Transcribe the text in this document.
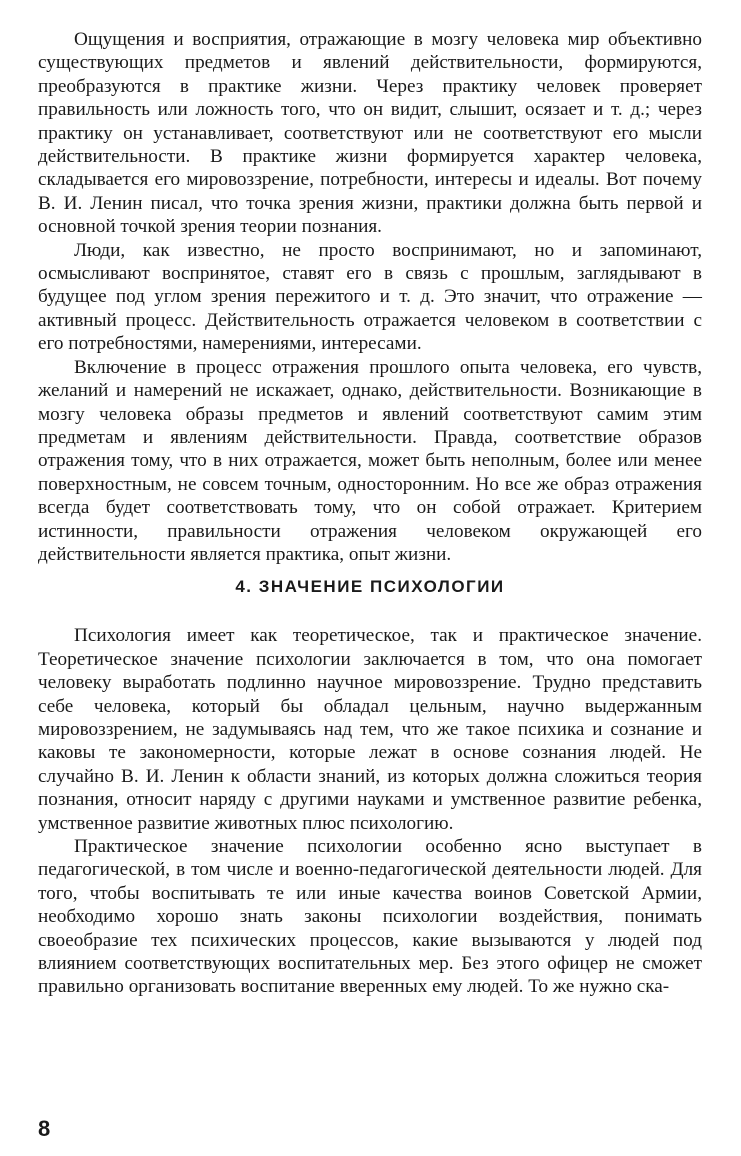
Ощущения и восприятия, отражающие в мозгу человека мир объективно существующих предметов и явлений действительности, формируются, преобразуются в практике жизни. Через практику человек проверяет правильность или ложность того, что он видит, слышит, осязает и т. д.; через практику он устанавливает, соответствуют или не соответствуют его мысли действительности. В практике жизни формируется характер человека, складывается его мировоззрение, потребности, интересы и идеалы. Вот почему В. И. Ленин писал, что точка зрения жизни, практики должна быть первой и основной точкой зрения теории познания.

Люди, как известно, не просто воспринимают, но и запоминают, осмысливают воспринятое, ставят его в связь с прошлым, заглядывают в будущее под углом зрения пережитого и т. д. Это значит, что отражение — активный процесс. Действительность отражается человеком в соответствии с его потребностями, намерениями, интересами.

Включение в процесс отражения прошлого опыта человека, его чувств, желаний и намерений не искажает, однако, действительности. Возникающие в мозгу человека образы предметов и явлений соответствуют самим этим предметам и явлениям действительности. Правда, соответствие образов отражения тому, что в них отражается, может быть неполным, более или менее поверхностным, не совсем точным, односторонним. Но все же образ отражения всегда будет соответствовать тому, что он собой отражает. Критерием истинности, правильности отражения человеком окружающей его действительности является практика, опыт жизни.

4. ЗНАЧЕНИЕ ПСИХОЛОГИИ

Психология имеет как теоретическое, так и практическое значение. Теоретическое значение психологии заключается в том, что она помогает человеку выработать подлинно научное мировоззрение. Трудно представить себе человека, который бы обладал цельным, научно выдержанным мировоззрением, не задумываясь над тем, что же такое психика и сознание и каковы те закономерности, которые лежат в основе сознания людей. Не случайно В. И. Ленин к области знаний, из которых должна сложиться теория познания, относит наряду с другими науками и умственное развитие ребенка, умственное развитие животных плюс психологию.

Практическое значение психологии особенно ясно выступает в педагогической, в том числе и военно-педагогической деятельности людей. Для того, чтобы воспитывать те или иные качества воинов Советской Армии, необходимо хорошо знать законы психологии воздействия, понимать своеобразие тех психических процессов, какие вызываются у людей под влиянием соответствующих воспитательных мер. Без этого офицер не сможет правильно организовать воспитание вверенных ему людей. То же нужно ска-

8
